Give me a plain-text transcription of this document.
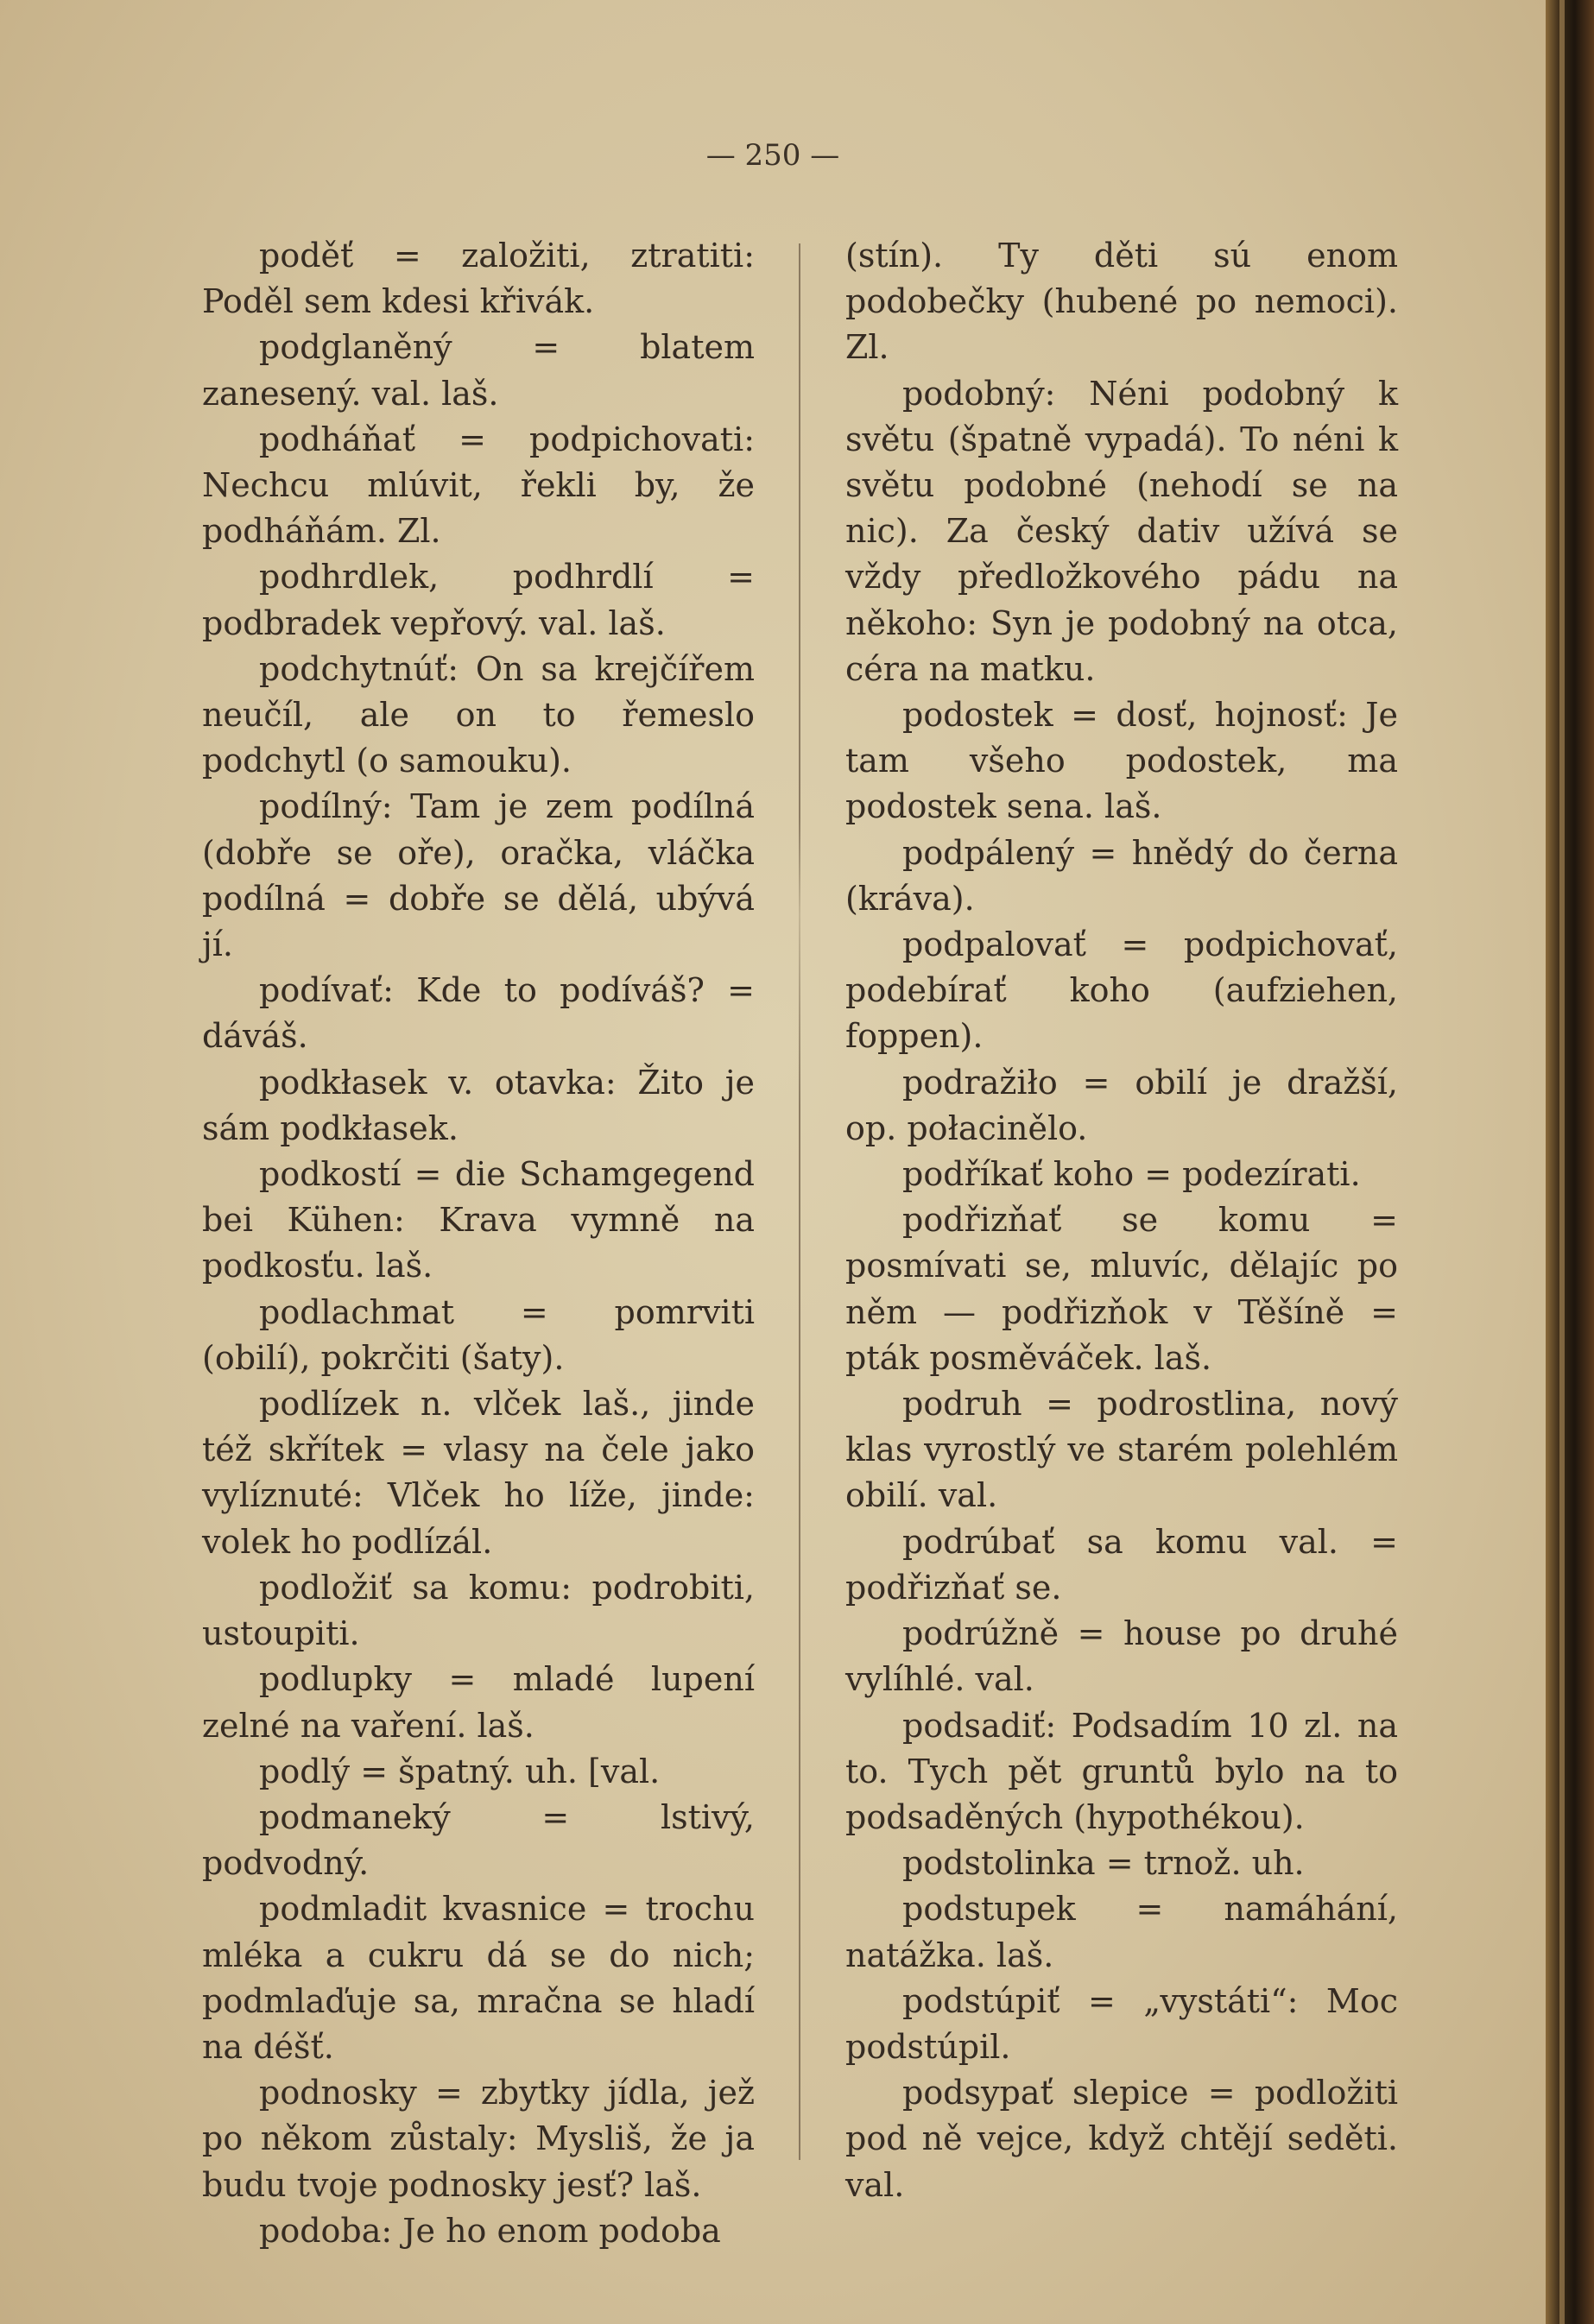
— 250 —

poděť = založiti, ztratiti: Poděl sem kdesi křivák.

podglaněný = blatem zanesený. val. laš.

podháňať = podpichovati: Nechcu mlúvit, řekli by, že podháňám. Zl.

podhrdlek, podhrdlí = podbradek vepřový. val. laš.

podchytnúť: On sa krejčířem neučíl, ale on to řemeslo podchytl (o samouku).

podílný: Tam je zem podílná (dobře se oře), oračka, vláčka podílná = dobře se dělá, ubývá jí.

podívať: Kde to podíváš? = dáváš.

podkłasek v. otavka: Žito je sám podkłasek.

podkostí = die Schamgegend bei Kühen: Krava vymně na podkosťu. laš.

podlachmat = pomrviti (obilí), pokrčiti (šaty).

podlízek n. vlček laš., jinde též skřítek = vlasy na čele jako vylíznuté: Vlček ho líže, jinde: volek ho podlízál.

podložiť sa komu: podrobiti, ustoupiti.

podlupky = mladé lupení zelné na vaření. laš.

podlý = špatný. uh. [val.

podmaneký = lstivý, podvodný.

podmladit kvasnice = trochu mléka a cukru dá se do nich; podmlaďuje sa, mračna se hladí na déšť.

podnosky = zbytky jídla, jež po někom zůstaly: Mysliš, že ja budu tvoje podnosky jesť? laš.

podoba: Je ho enom podoba

(stín). Ty děti sú enom podobečky (hubené po nemoci). Zl.

podobný: Néni podobný k světu (špatně vypadá). To néni k světu podobné (nehodí se na nic). Za český dativ užívá se vždy předložkového pádu na někoho: Syn je podobný na otca, céra na matku.

podostek = dosť, hojnosť: Je tam všeho podostek, ma podostek sena. laš.

podpálený = hnědý do černa (kráva).

podpalovať = podpichovať, podebírať koho (aufziehen, foppen).

podražiło = obilí je dražší, op. połacinělo.

podříkať koho = podezírati.

podřizňať se komu = posmívati se, mluvíc, dělajíc po něm — podřizňok v Těšíně = pták posměváček. laš.

podruh = podrostlina, nový klas vyrostlý ve starém polehlém obilí. val.

podrúbať sa komu val. = podřizňať se.

podrúžně = house po druhé vylíhlé. val.

podsadiť: Podsadím 10 zl. na to. Tych pět gruntů bylo na to podsaděných (hypothékou).

podstolinka = trnož. uh.

podstupek = namáhání, natážka. laš.

podstúpiť = „vystáti“: Moc podstúpil.

podsypať slepice = podložiti pod ně vejce, když chtějí seděti. val.
